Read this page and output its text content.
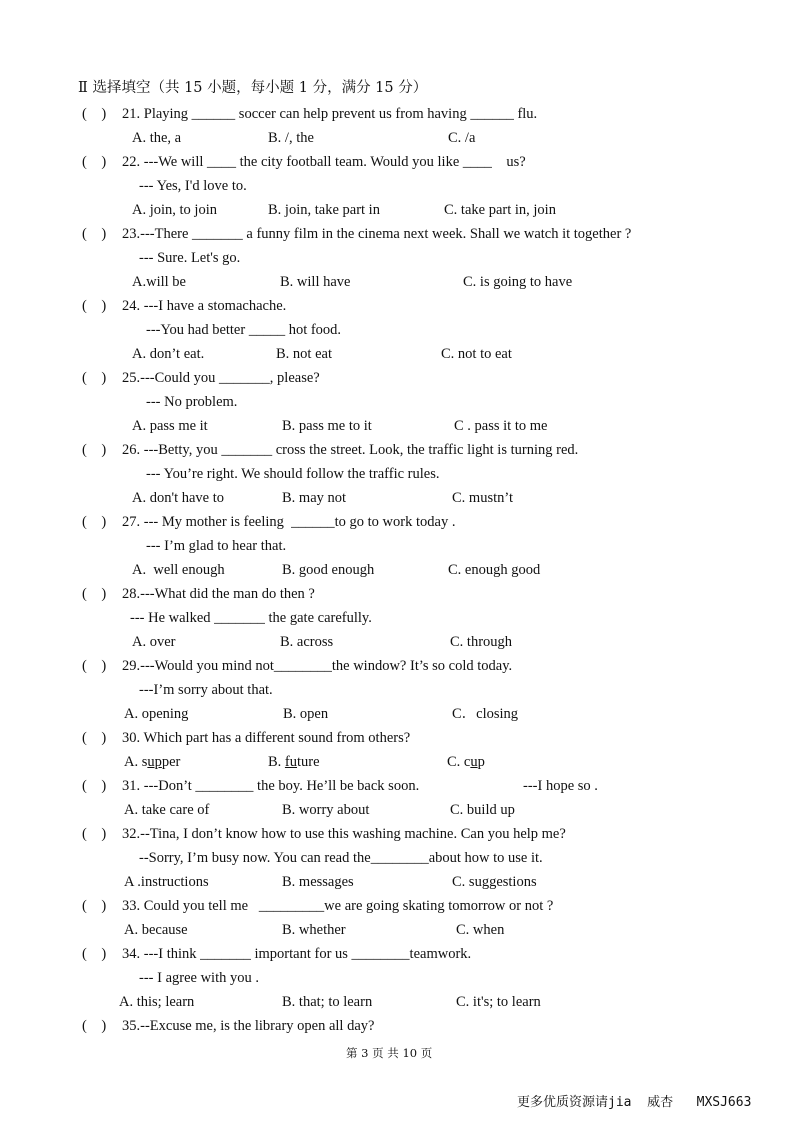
Ⅱ 选择填空（共 15 小题，每小题 1 分，满分 15 分）
(    ) 21. Playing ______ soccer can help prevent us from having ______ flu.
A. the, a	B. /, the	C. /a
(    ) 22. ---We will ____ the city football team. Would you like ____    us?
--- Yes, I'd love to.
A. join, to join	B. join, take part in	C. take part in, join
(    ) 23.---There _______ a funny film in the cinema next week. Shall we watch it together ?
--- Sure. Let's go.
A.will be	B. will have	C. is going to have
(    ) 24. ---I have a stomachache.
---You had better _____ hot food.
A. don’t eat.	B. not eat	C. not to eat
(    ) 25.---Could you _______, please?
--- No problem.
A. pass me it	B. pass me to it	C . pass it to me
(    ) 26. ---Betty, you _______ cross the street. Look, the traffic light is turning red.
--- You’re right. We should follow the traffic rules.
A. don't have to	B. may not	C. mustn’t
(    ) 27. --- My mother is feeling  ______to go to work today .
--- I’m glad to hear that.
A.  well enough	B. good enough	C. enough good
(    ) 28.---What did the man do then ?
--- He walked _______ the gate carefully.
A. over	B. across	C. through
(    ) 29.---Would you mind not________the window? It’s so cold today.
---I’m sorry about that.
A. opening	B. open	C．closing
(    ) 30. Which part has a different sound from others?
A. supper	B. future	C. cup
(    ) 31. ---Don’t ________ the boy. He’ll be back soon.	---I hope so .
A. take care of	B. worry about	C. build up
(    ) 32.--Tina, I don’t know how to use this washing machine. Can you help me?
--Sorry, I’m busy now. You can read the________about how to use it.
A .instructions	B. messages	C. suggestions
(    ) 33. Could you tell me   _________we are going skating tomorrow or not ?
A. because	B. whether	C. when
(    ) 34. ---I think _______ important for us ________teamwork.
--- I agree with you .
A. this; learn	B. that; to learn	C. it's; to learn
(    ) 35.--Excuse me, is the library open all day?
第 3 页 共 10 页
更多优质资源请jia  威杏   MXSJ663
